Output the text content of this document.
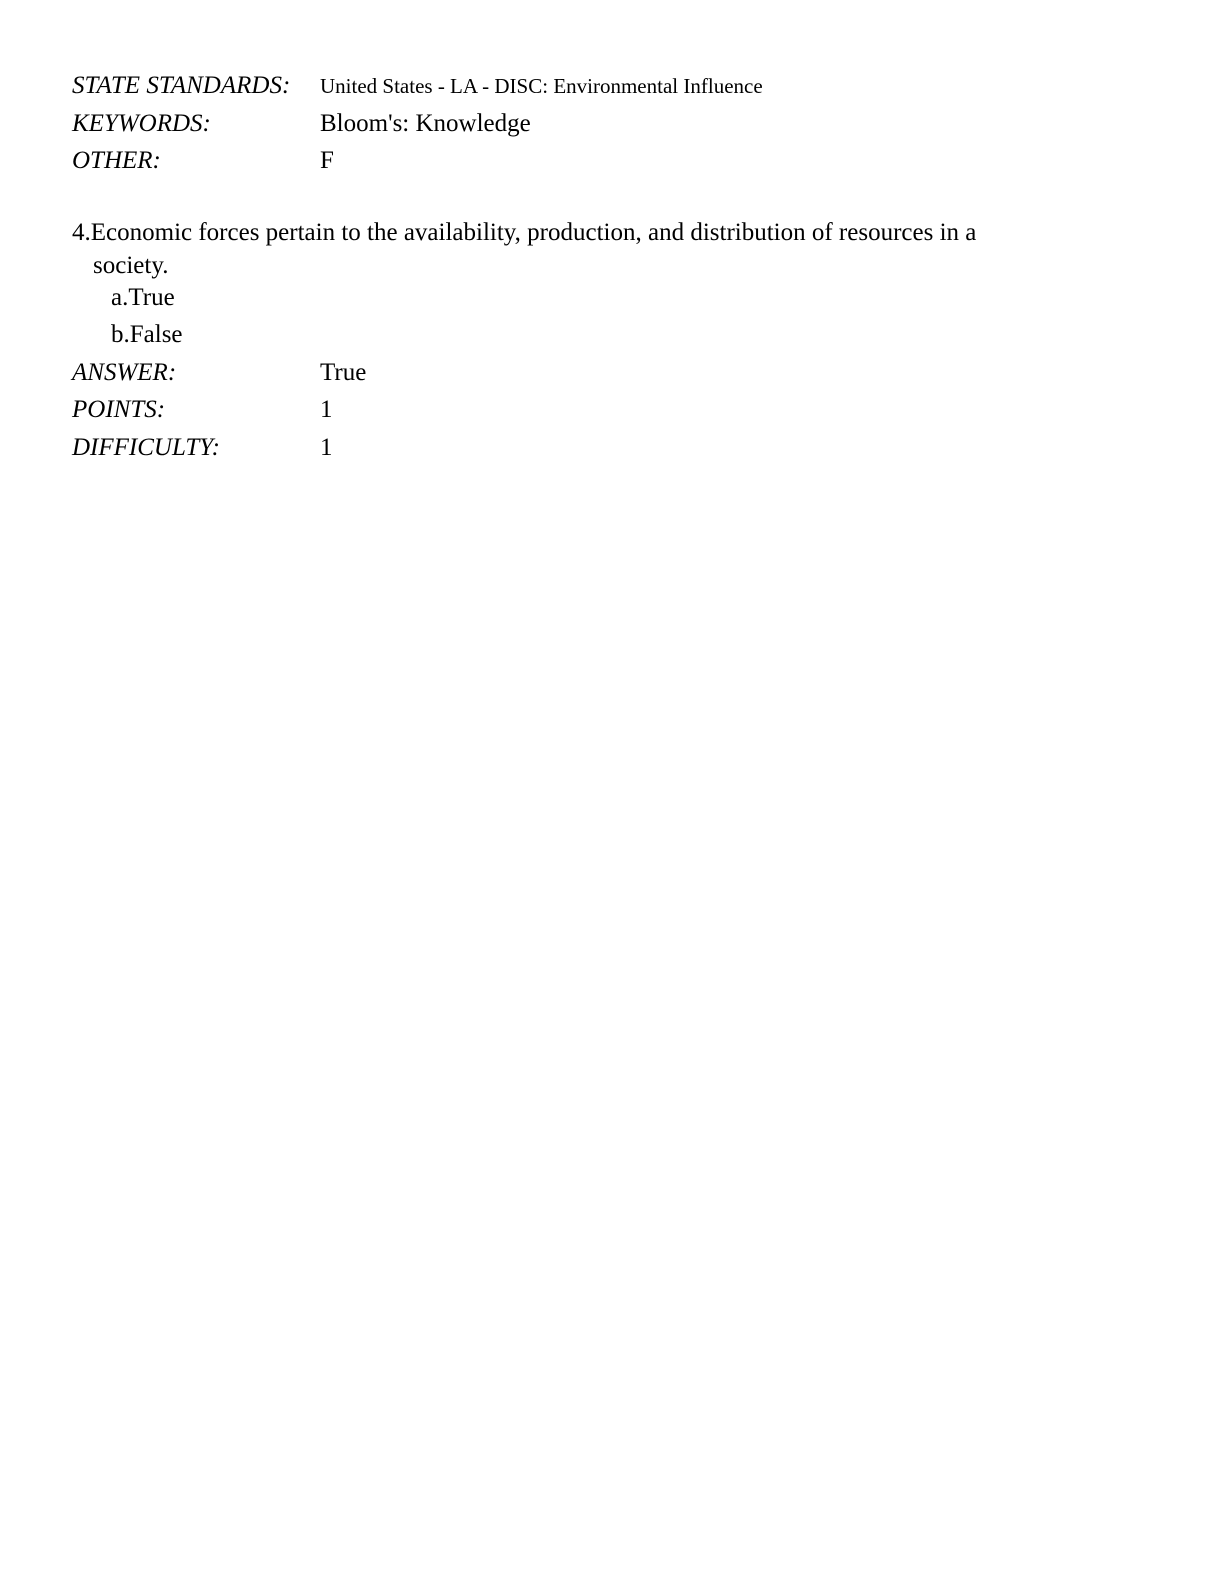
STATE STANDARDS:	United States - LA - DISC: Environmental Influence
KEYWORDS:	Bloom's: Knowledge
OTHER:	F
4.Economic forces pertain to the availability, production, and distribution of resources in a
society.
a.True
b.False
ANSWER:	True
POINTS:	1
DIFFICULTY:	1
